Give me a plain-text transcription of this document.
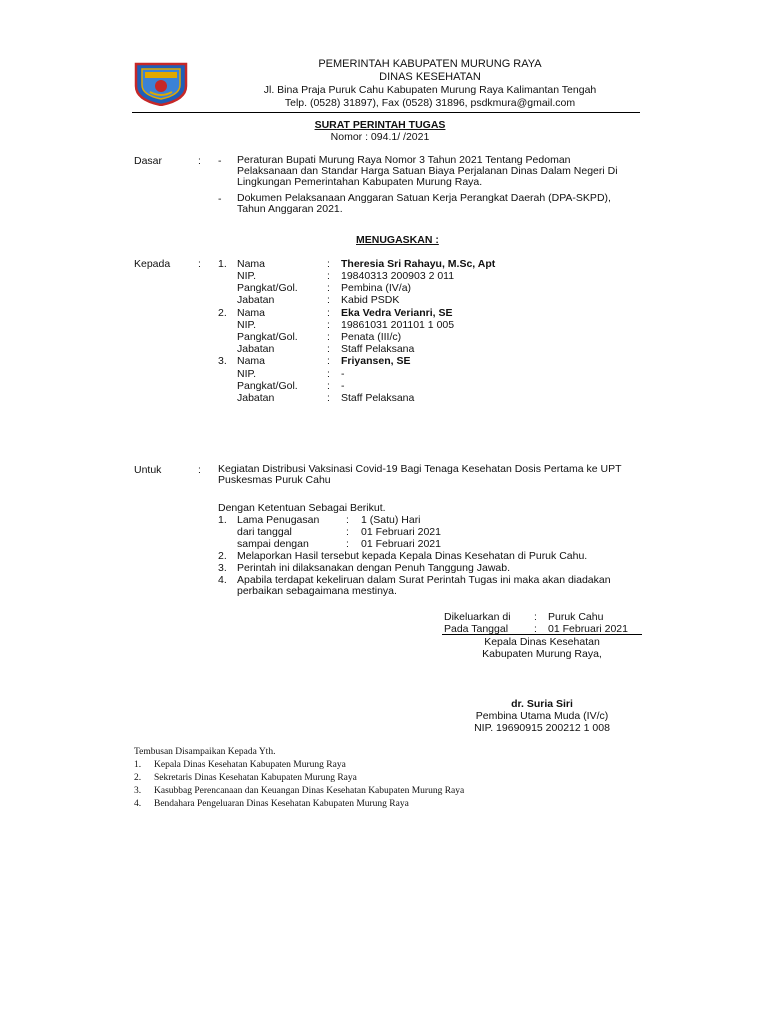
PEMERINTAH KABUPATEN MURUNG RAYA
DINAS KESEHATAN
Jl. Bina Praja Puruk Cahu Kabupaten Murung Raya Kalimantan Tengah
Telp. (0528) 31897), Fax (0528) 31896, psdkmura@gmail.com
SURAT PERINTAH TUGAS
Nomor : 094.1/ /2021
Dasar	: - Peraturan Bupati Murung Raya Nomor 3 Tahun 2021 Tentang Pedoman
Pelaksanaan dan Standar Harga Satuan Biaya Perjalanan Dinas Dalam Negeri Di
Lingkungan Pemerintahan Kabupaten Murung Raya.
- Dokumen Pelaksanaan Anggaran Satuan Kerja Perangkat Daerah (DPA-SKPD),
Tahun Anggaran 2021.
MENUGASKAN :
Kepada	: 1. Nama	: Theresia Sri Rahayu, M.Sc, Apt
NIP.	: 19840313 200903 2 011
Pangkat/Gol.	: Pembina (IV/a)
Jabatan	: Kabid PSDK
2. Nama	: Eka Vedra Verianri, SE
NIP.	: 19861031 201101 1 005
Pangkat/Gol.	: Penata (III/c)
Jabatan	: Staff Pelaksana
3. Nama	: Friyansen, SE
NIP.	: -
Pangkat/Gol.	: -
Jabatan	: Staff Pelaksana
Untuk	: Kegiatan Distribusi Vaksinasi Covid-19 Bagi Tenaga Kesehatan Dosis Pertama ke UPT
Puskesmas Puruk Cahu
Dengan Ketentuan Sebagai Berikut.
1. Lama Penugasan	: 1 (Satu) Hari
dari tanggal	: 01 Februari 2021
sampai dengan	: 01 Februari 2021
2. Melaporkan Hasil tersebut kepada Kepala Dinas Kesehatan di Puruk Cahu.
3. Perintah ini dilaksanakan dengan Penuh Tanggung Jawab.
4. Apabila terdapat kekeliruan dalam Surat Perintah Tugas ini maka akan diadakan
perbaikan sebagaimana mestinya.
Dikeluarkan di : Puruk Cahu
Pada Tanggal : 01 Februari 2021
Kepala Dinas Kesehatan
Kabupaten Murung Raya,
dr. Suria Siri
Pembina Utama Muda (IV/c)
NIP. 19690915 200212 1 008
Tembusan Disampaikan Kepada Yth.
1. Kepala Dinas Kesehatan Kabupaten Murung Raya
2. Sekretaris Dinas Kesehatan Kabupaten Murung Raya
3. Kasubbag Perencanaan dan Keuangan Dinas Kesehatan Kabupaten Murung Raya
4. Bendahara Pengeluaran Dinas Kesehatan Kabupaten Murung Raya
